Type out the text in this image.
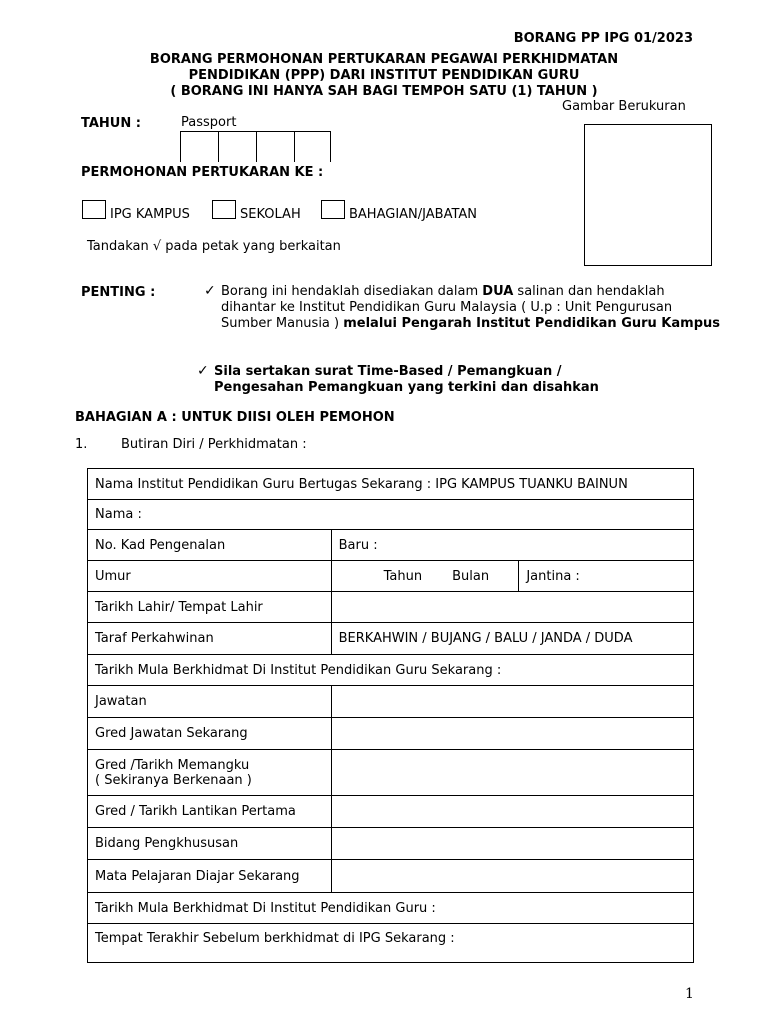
BORANG PP IPG 01/2023
BORANG PERMOHONAN PERTUKARAN PEGAWAI PERKHIDMATAN
PENDIDIKAN (PPP) DARI INSTITUT PENDIDIKAN GURU
( BORANG INI HANYA SAH BAGI TEMPOH SATU (1) TAHUN )
Gambar Berukuran
Passport
TAHUN :
PERMOHONAN PERTUKARAN KE :
IPG KAMPUS	SEKOLAH	BAHAGIAN/JABATAN
Tandakan √ pada petak yang berkaitan
PENTING :	✓ Borang ini hendaklah disediakan dalam DUA salinan dan hendaklah dihantar ke Institut Pendidikan Guru Malaysia ( U.p : Unit Pengurusan Sumber Manusia ) melalui Pengarah Institut Pendidikan Guru Kampus
✓ Sila sertakan surat Time-Based / Pemangkuan /
Pengesahan Pemangkuan yang terkini dan disahkan
BAHAGIAN A : UNTUK DIISI OLEH PEMOHON
1.	Butiran Diri / Perkhidmatan :
Nama Institut Pendidikan Guru Bertugas Sekarang : IPG KAMPUS TUANKU BAINUN		
Nama :		
No. Kad Pengenalan	Baru :	
Umur	Tahun Bulan	Jantina :
Tarikh Lahir/ Tempat Lahir		
Taraf Perkahwinan	BERKAHWIN / BUJANG / BALU / JANDA / DUDA	
Tarikh Mula Berkhidmat Di Institut Pendidikan Guru Sekarang :		
Jawatan		
Gred Jawatan Sekarang		

Gred /Tarikh Memangku
( Sekiranya Berkenaan )		

Gred / Tarikh Lantikan Pertama		
Bidang Pengkhususan		
Mata Pelajaran Diajar Sekarang		
Tarikh Mula Berkhidmat Di Institut Pendidikan Guru :		
Tempat Terakhir Sebelum berkhidmat di IPG Sekarang :		
1
